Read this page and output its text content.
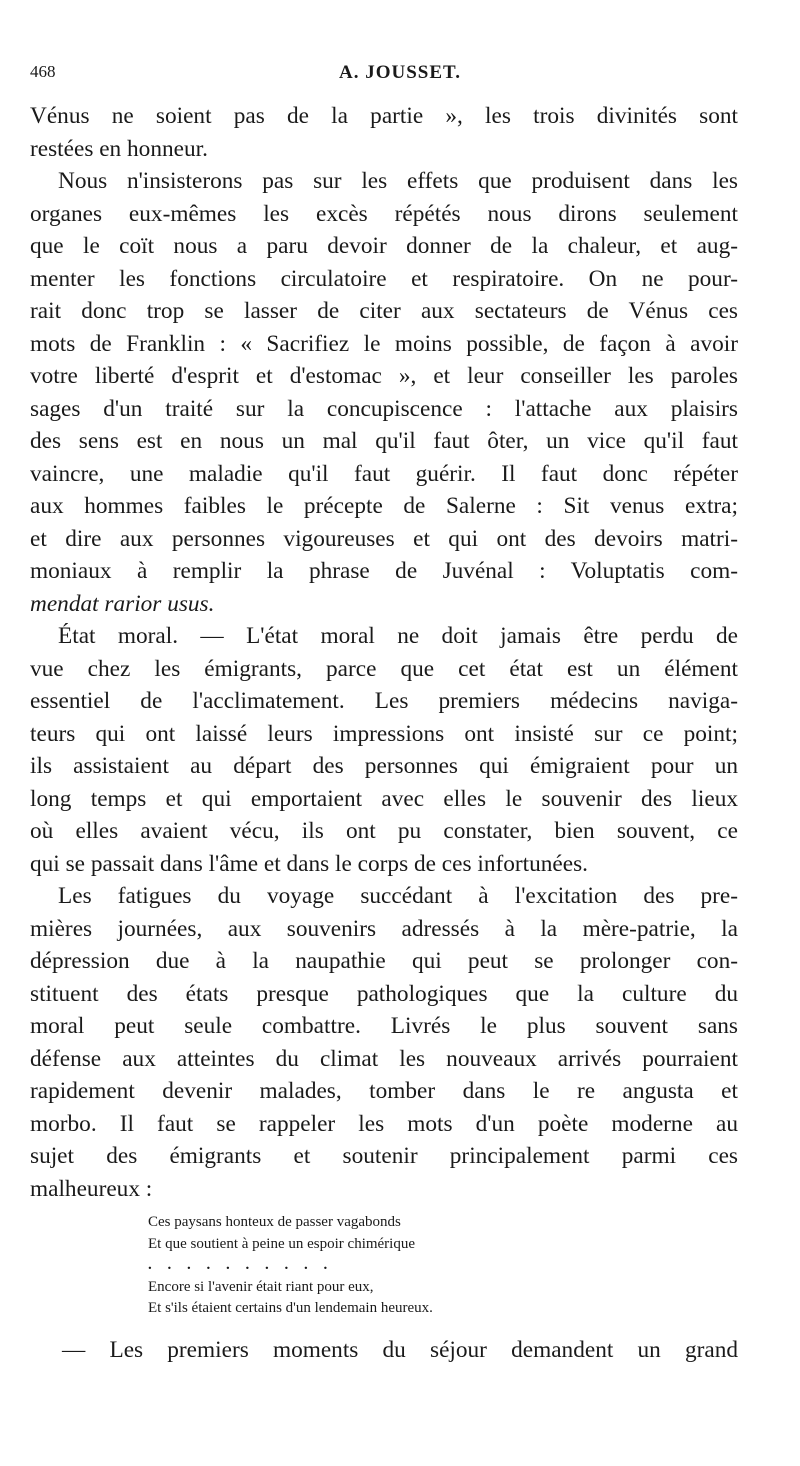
468	A. JOUSSET.
Vénus ne soient pas de la partie », les trois divinités sont
restées en honneur.
Nous n'insisterons pas sur les effets que produisent dans les
organes eux-mêmes les excès répétés nous dirons seulement
que le coït nous a paru devoir donner de la chaleur, et aug-
menter les fonctions circulatoire et respiratoire. On ne pour-
rait donc trop se lasser de citer aux sectateurs de Vénus ces
mots de Franklin : « Sacrifiez le moins possible, de façon à avoir
votre liberté d'esprit et d'estomac », et leur conseiller les paroles
sages d'un traité sur la concupiscence : l'attache aux plaisirs
des sens est en nous un mal qu'il faut ôter, un vice qu'il faut
vaincre, une maladie qu'il faut guérir. Il faut donc répéter
aux hommes faibles le précepte de Salerne : Sit venus extra;
et dire aux personnes vigoureuses et qui ont des devoirs matri-
moniaux à remplir la phrase de Juvénal : Voluptatis com-
mendat rarior usus.
État moral. — L'état moral ne doit jamais être perdu de
vue chez les émigrants, parce que cet état est un élément
essentiel de l'acclimatement. Les premiers médecins naviga-
teurs qui ont laissé leurs impressions ont insisté sur ce point;
ils assistaient au départ des personnes qui émigraient pour un
long temps et qui emportaient avec elles le souvenir des lieux
où elles avaient vécu, ils ont pu constater, bien souvent, ce
qui se passait dans l'âme et dans le corps de ces infortunées.
Les fatigues du voyage succédant à l'excitation des pre-
mières journées, aux souvenirs adressés à la mère-patrie, la
dépression due à la naupathie qui peut se prolonger con-
stituent des états presque pathologiques que la culture du
moral peut seule combattre. Livrés le plus souvent sans
défense aux atteintes du climat les nouveaux arrivés pourraient
rapidement devenir malades, tomber dans le re angusta et
morbo. Il faut se rappeler les mots d'un poète moderne au
sujet des émigrants et soutenir principalement parmi ces
malheureux :
Ces paysans honteux de passer vagabonds
Et que soutient à peine un espoir chimérique
. . . . . . . . . .
Encore si l'avenir était riant pour eux,
Et s'ils étaient certains d'un lendemain heureux.
— Les premiers moments du séjour demandent un grand
